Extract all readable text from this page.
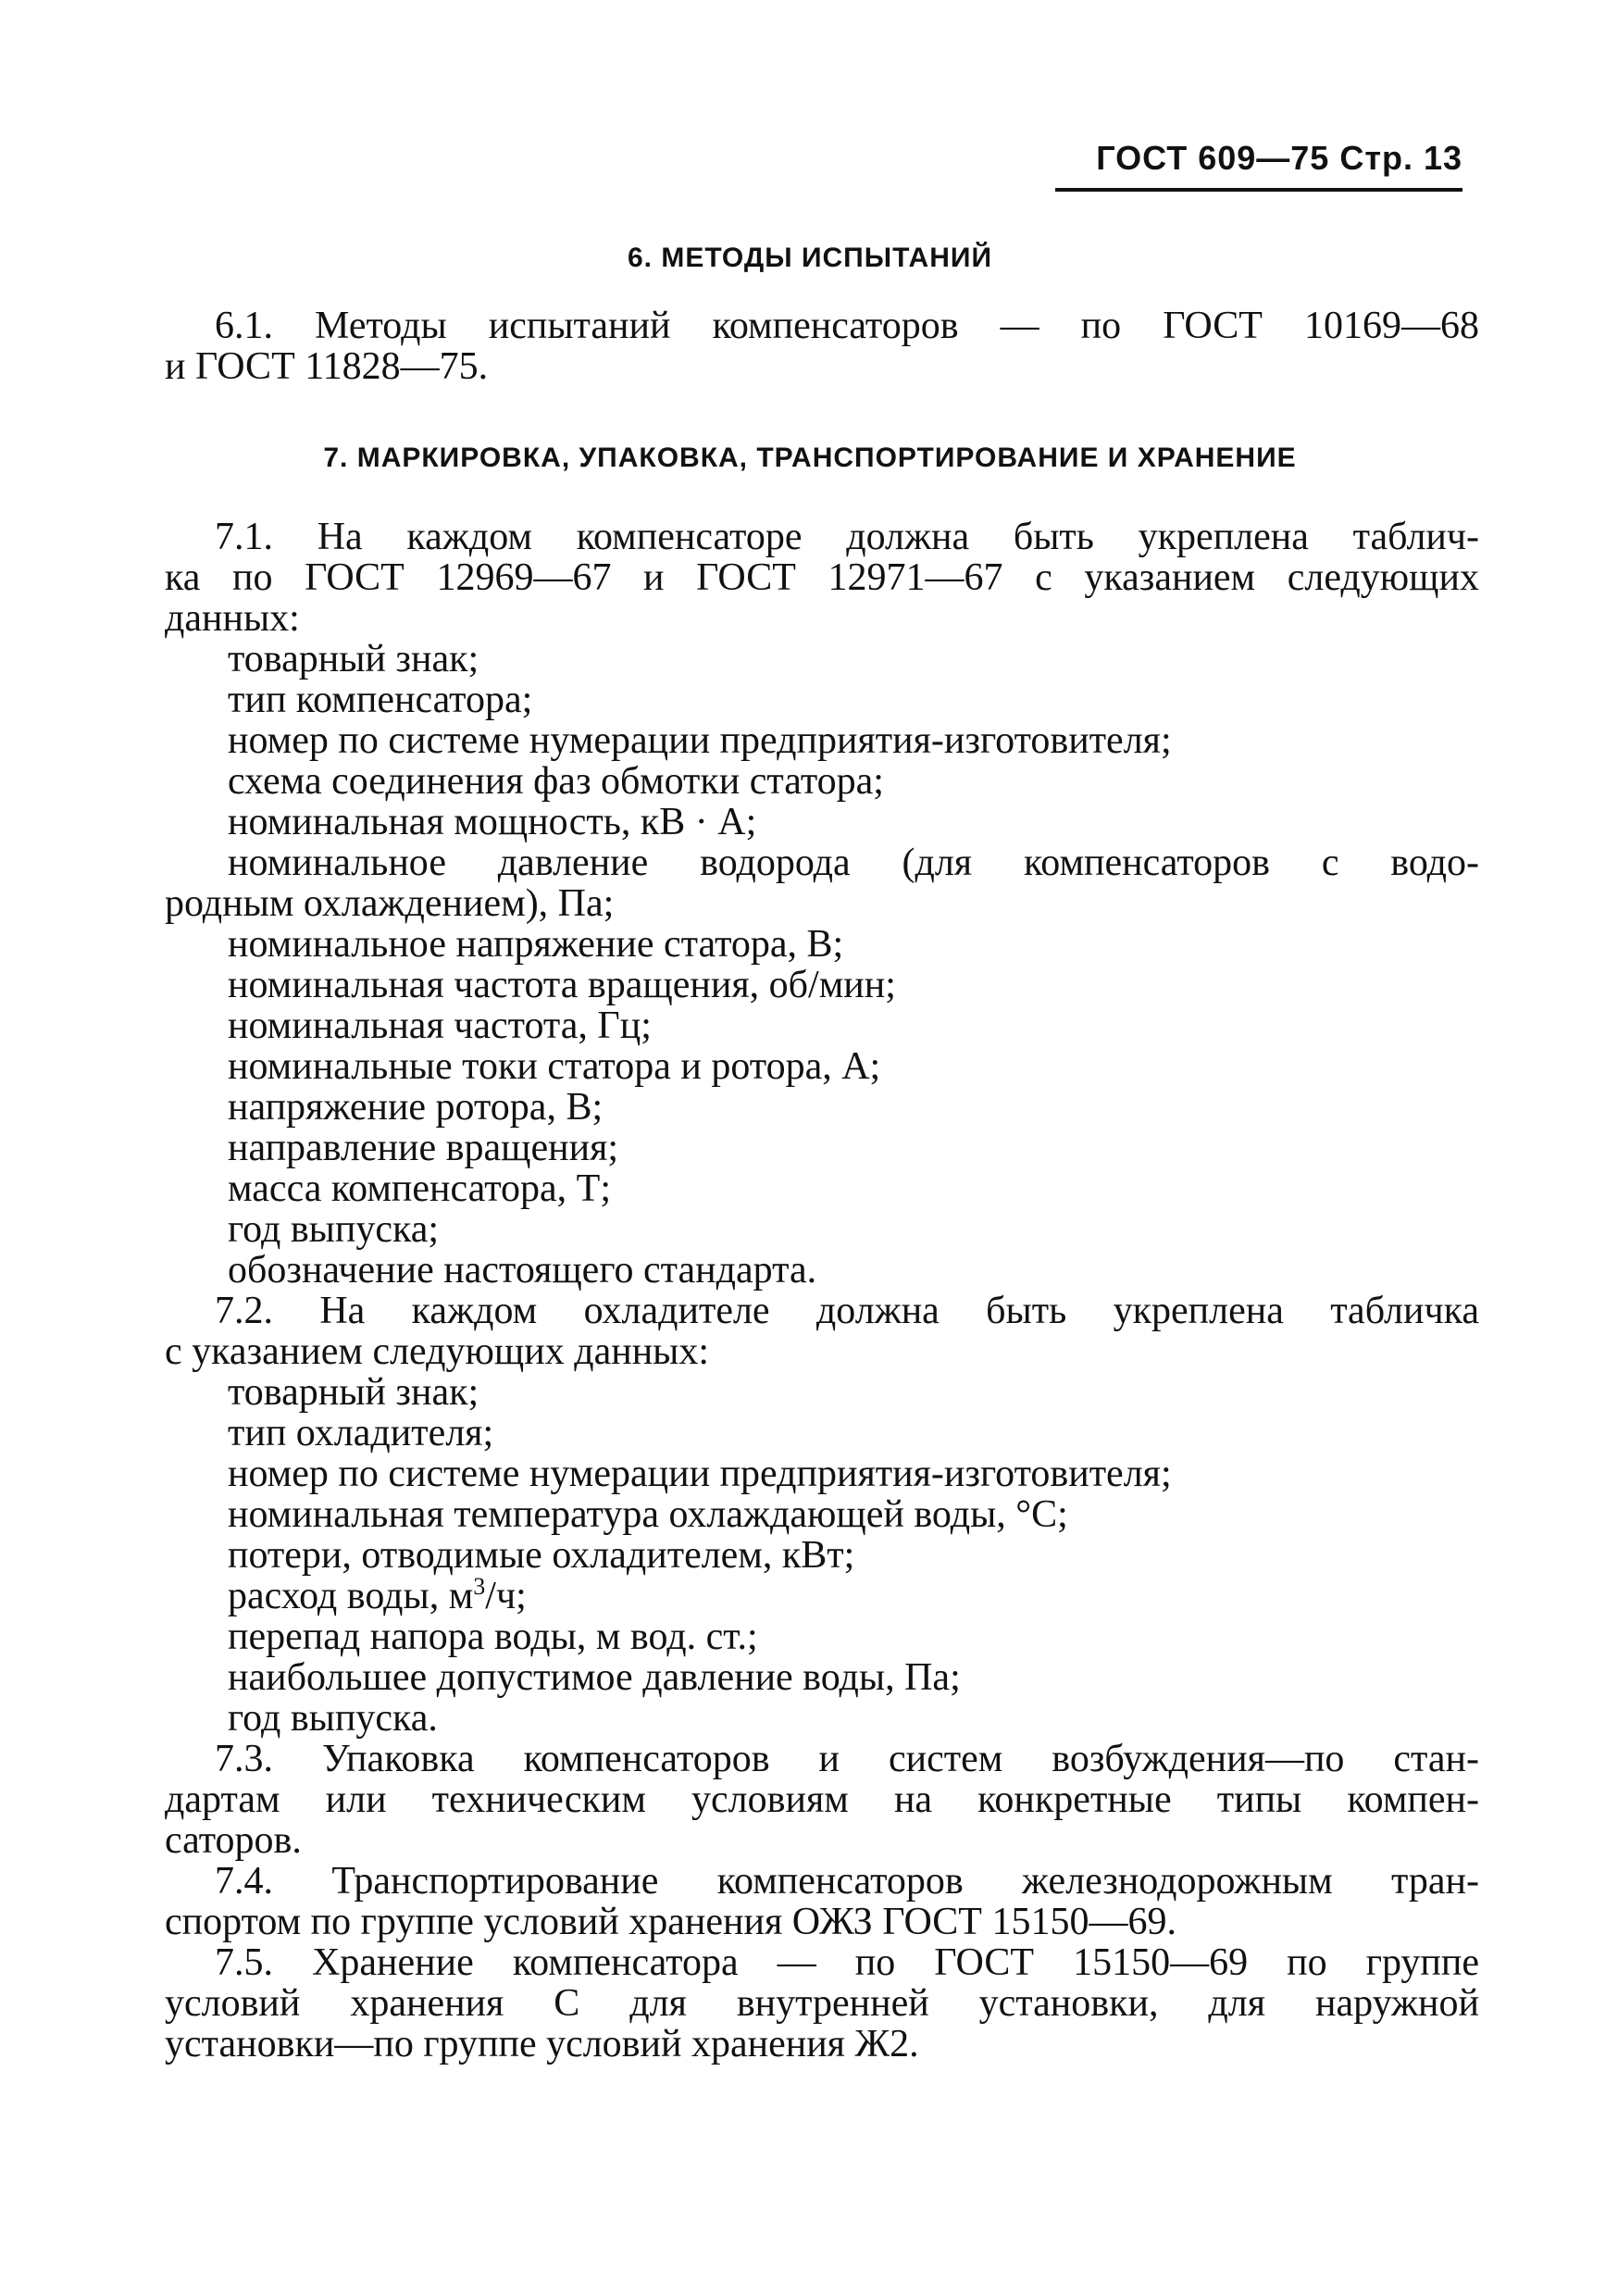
ГОСТ 609—75 Стр. 13
6. МЕТОДЫ ИСПЫТАНИЙ
6.1. Методы испытаний компенсаторов — по ГОСТ 10169—68
и ГОСТ 11828—75.
7. МАРКИРОВКА, УПАКОВКА, ТРАНСПОРТИРОВАНИЕ И ХРАНЕНИЕ
7.1. На каждом компенсаторе должна быть укреплена таблич-
ка по ГОСТ 12969—67 и ГОСТ 12971—67 с указанием следующих
данных:
товарный знак;
тип компенсатора;
номер по системе нумерации предприятия-изготовителя;
схема соединения фаз обмотки статора;
номинальная мощность, кВ · А;
номинальное давление водорода (для компенсаторов с водо-
родным охлаждением), Па;
номинальное напряжение статора, В;
номинальная частота вращения, об/мин;
номинальная частота, Гц;
номинальные токи статора и ротора, А;
напряжение ротора, В;
направление вращения;
масса компенсатора, Т;
год выпуска;
обозначение настоящего стандарта.
7.2. На каждом охладителе должна быть укреплена табличка
с указанием следующих данных:
товарный знак;
тип охладителя;
номер по системе нумерации предприятия-изготовителя;
номинальная температура охлаждающей воды, °С;
потери, отводимые охладителем, кВт;
расход воды, $м^3/ч$;
перепад напора воды, м вод. ст.;
наибольшее допустимое давление воды, Па;
год выпуска.
7.3. Упаковка компенсаторов и систем возбуждения—по стан-
дартам или техническим условиям на конкретные типы компен-
саторов.
7.4. Транспортирование компенсаторов железнодорожным тран-
спортом по группе условий хранения ОЖЗ ГОСТ 15150—69.
7.5. Хранение компенсатора — по ГОСТ 15150—69 по группе
условий хранения С для внутренней установки, для наружной
установки—по группе условий хранения Ж2.
